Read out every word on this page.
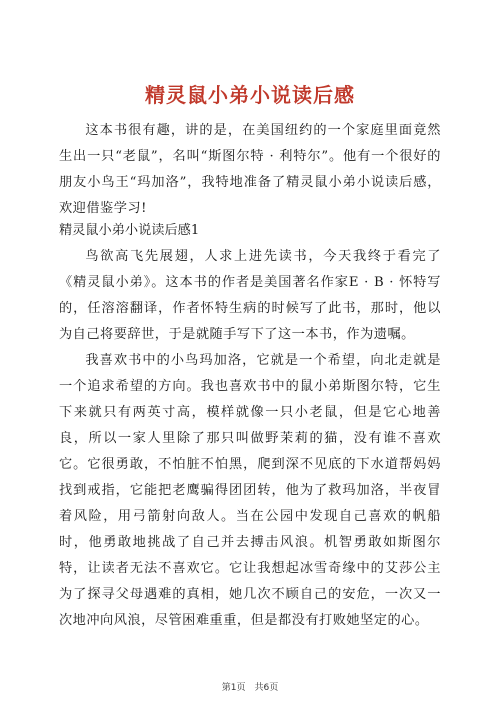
精灵鼠小弟小说读后感

这本书很有趣，讲的是，在美国纽约的一个家庭里面竟然生出一只“老鼠”，名叫“斯图尔特 · 利特尔”。他有一个很好的朋友小鸟王“玛加洛”，我特地准备了精灵鼠小弟小说读后感，欢迎借鉴学习!

精灵鼠小弟小说读后感1

鸟欲高飞先展翅，人求上进先读书，今天我终于看完了《精灵鼠小弟》。这本书的作者是美国著名作家E · B · 怀特写的，任溶溶翻译，作者怀特生病的时候写了此书，那时，他以为自己将要辞世，于是就随手写下了这一本书，作为遗嘱。

我喜欢书中的小鸟玛加洛，它就是一个希望，向北走就是一个追求希望的方向。我也喜欢书中的鼠小弟斯图尔特，它生下来就只有两英寸高，模样就像一只小老鼠，但是它心地善良，所以一家人里除了那只叫做野茉莉的猫，没有谁不喜欢它。它很勇敢，不怕脏不怕黑，爬到深不见底的下水道帮妈妈找到戒指，它能把老鹰骗得团团转，他为了救玛加洛，半夜冒着风险，用弓箭射向敌人。当在公园中发现自己喜欢的帆船时，他勇敢地挑战了自己并去搏击风浪。机智勇敢如斯图尔特，让读者无法不喜欢它。它让我想起冰雪奇缘中的艾莎公主为了探寻父母遇难的真相，她几次不顾自己的安危，一次又一次地冲向风浪，尽管困难重重，但是都没有打败她坚定的心。

第1页　共6页
